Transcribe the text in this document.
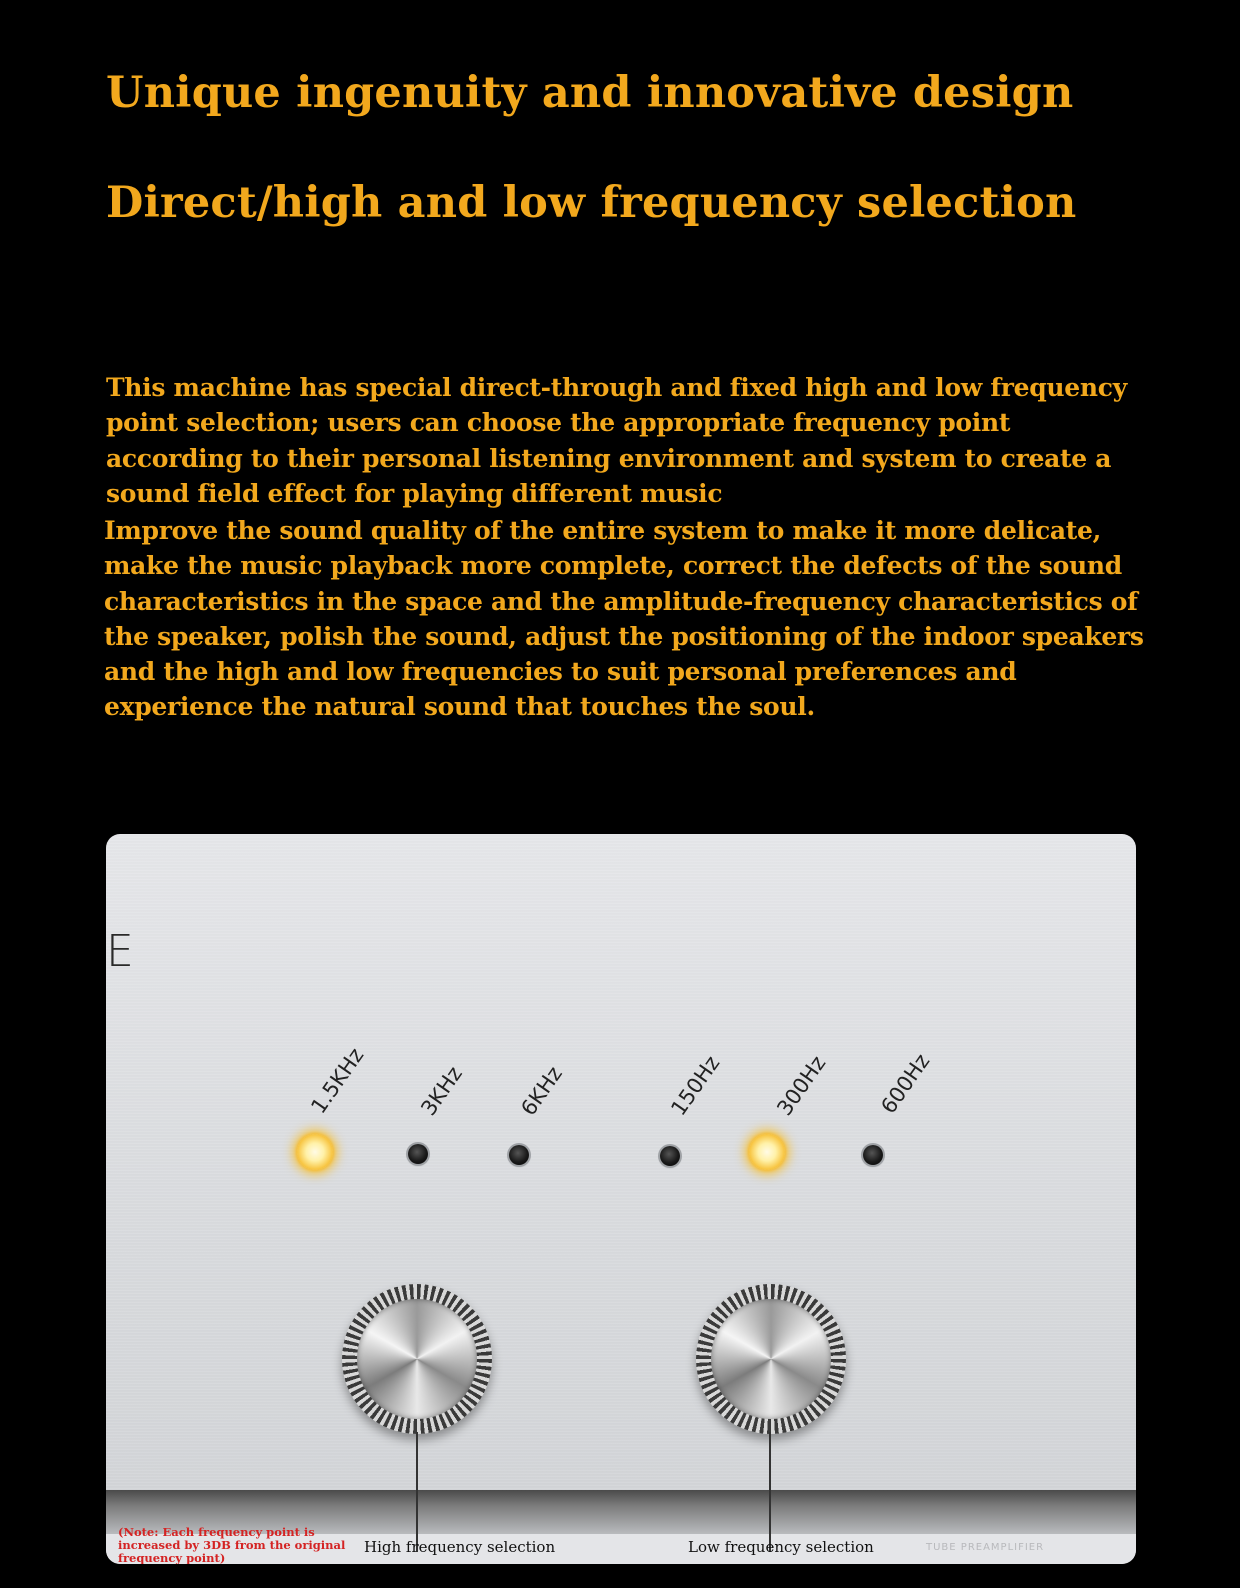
Unique ingenuity and innovative design
Direct/high and low frequency selection

This machine has special direct-through and fixed high and low frequency point selection; users can choose the appropriate frequency point according to their personal listening environment and system to create a sound field effect for playing different music

Improve the sound quality of the entire system to make it more delicate, make the music playback more complete, correct the defects of the sound characteristics in the space and the amplitude-frequency characteristics of the speaker, polish the sound, adjust the positioning of the indoor speakers and the high and low frequencies to suit personal preferences and experience the natural sound that touches the soul.

E
1.5KHz 3KHz 6KHz	150Hz 300Hz 600Hz
(Note: Each frequency point is increased by 3DB from the original frequency point)
High frequency selection	Low frequency selection	TUBE PREAMPLIFIER
